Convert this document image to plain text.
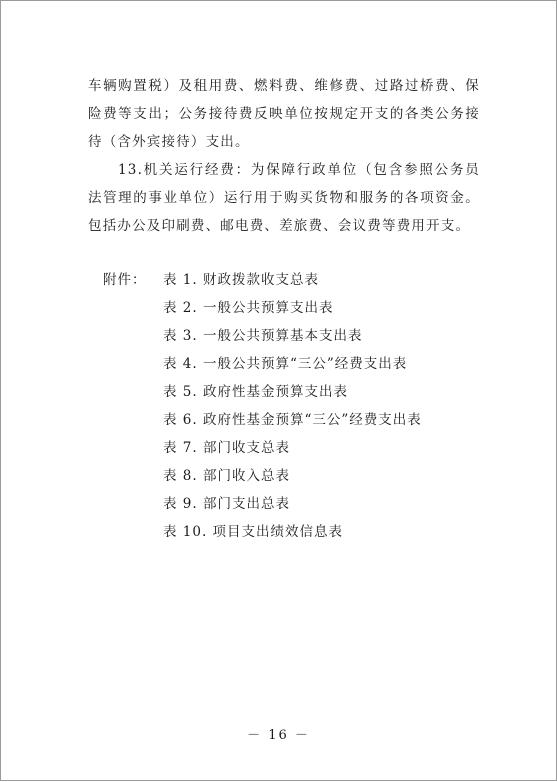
车辆购置税）及租用费、燃料费、维修费、过路过桥费、保险费等支出；公务接待费反映单位按规定开支的各类公务接待（含外宾接待）支出。

13.机关运行经费：为保障行政单位（包含参照公务员法管理的事业单位）运行用于购买货物和服务的各项资金。包括办公及印刷费、邮电费、差旅费、会议费等费用开支。

附件： 表 1. 财政拨款收支总表
表 2. 一般公共预算支出表
表 3. 一般公共预算基本支出表
表 4. 一般公共预算“三公”经费支出表
表 5. 政府性基金预算支出表
表 6. 政府性基金预算“三公”经费支出表
表 7. 部门收支总表
表 8. 部门收入总表
表 9. 部门支出总表
表 10. 项目支出绩效信息表
－ 16 －
